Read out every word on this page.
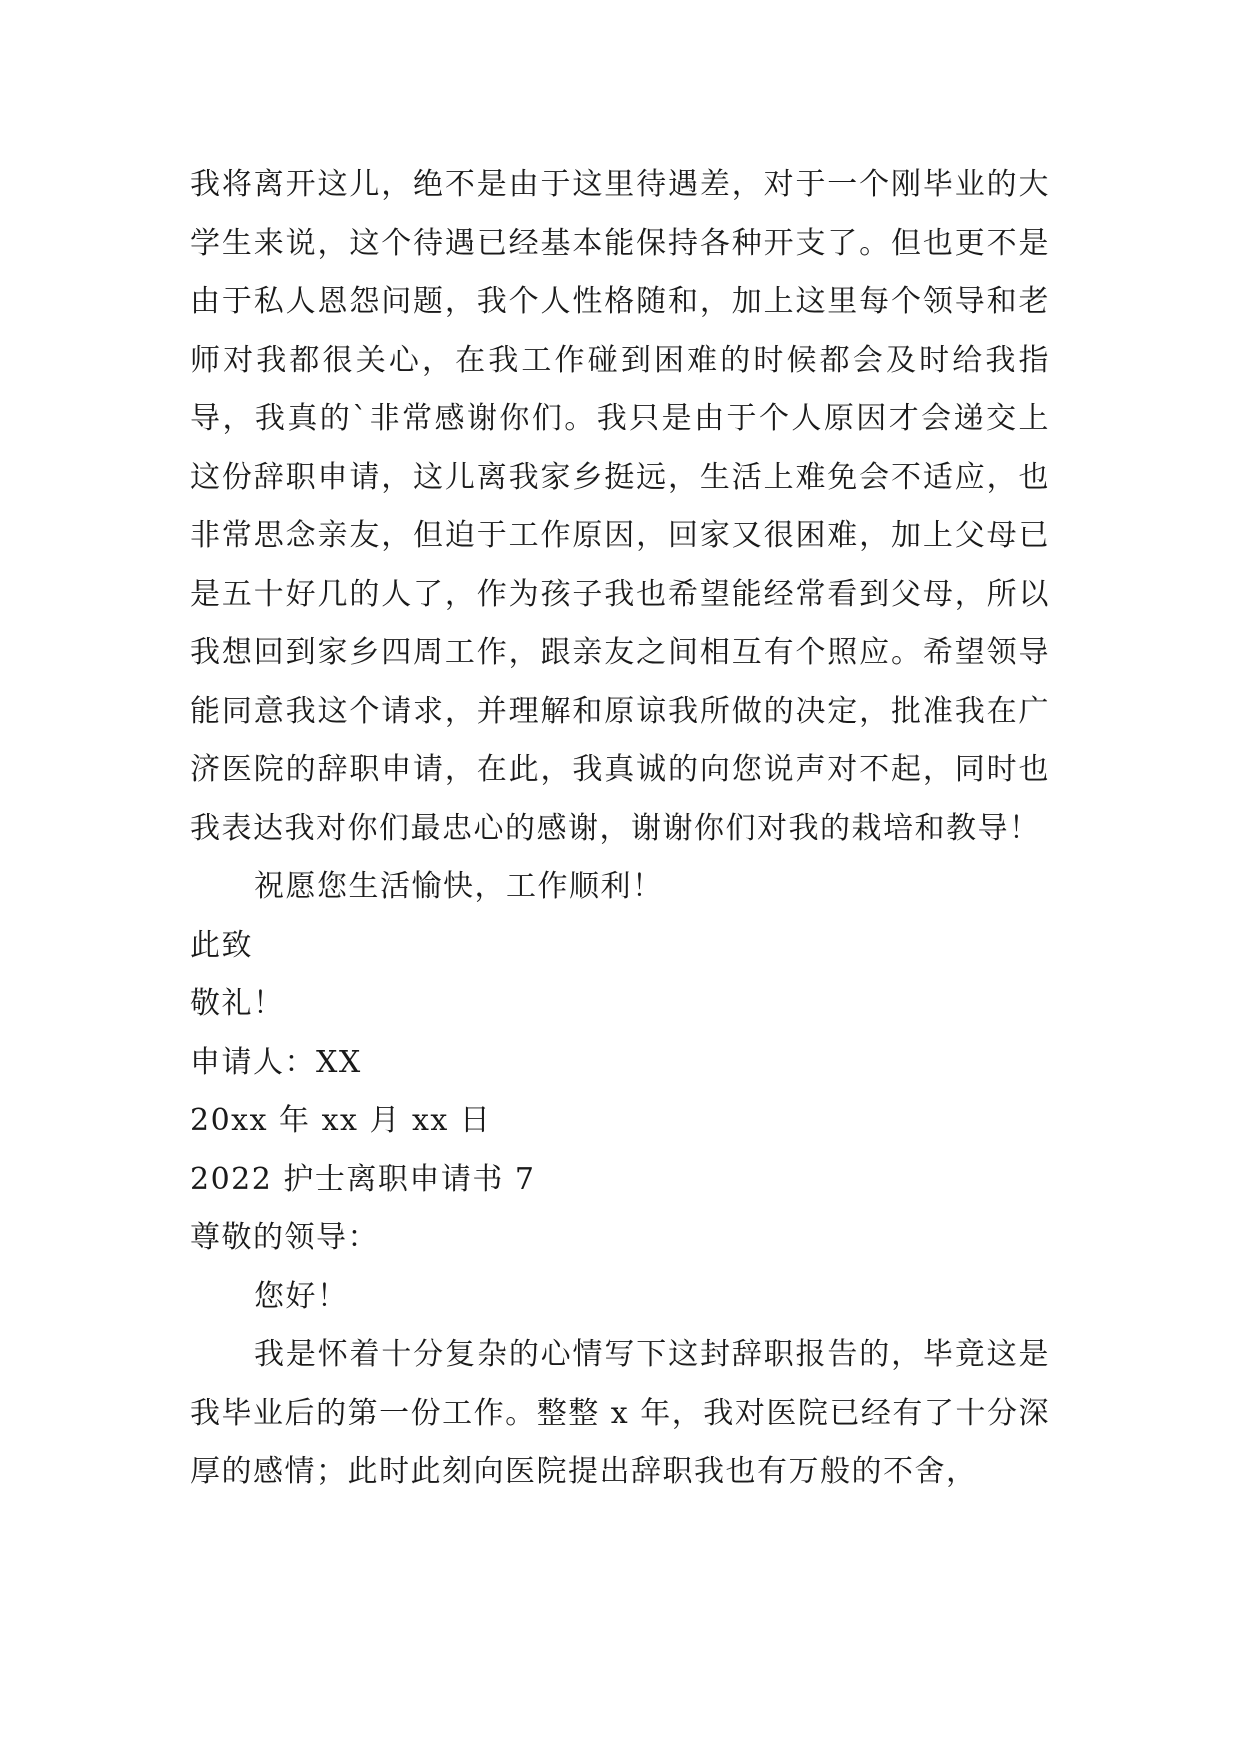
我将离开这儿，绝不是由于这里待遇差，对于一个刚毕业的大学生来说，这个待遇已经基本能保持各种开支了。但也更不是由于私人恩怨问题，我个人性格随和，加上这里每个领导和老师对我都很关心，在我工作碰到困难的时候都会及时给我指导，我真的`非常感谢你们。我只是由于个人原因才会递交上这份辞职申请，这儿离我家乡挺远，生活上难免会不适应，也非常思念亲友，但迫于工作原因，回家又很困难，加上父母已是五十好几的人了，作为孩子我也希望能经常看到父母，所以我想回到家乡四周工作，跟亲友之间相互有个照应。希望领导能同意我这个请求，并理解和原谅我所做的决定，批准我在广济医院的辞职申请，在此，我真诚的向您说声对不起，同时也我表达我对你们最忠心的感谢，谢谢你们对我的栽培和教导！

祝愿您生活愉快，工作顺利！

此致

敬礼！

申请人：XX

20xx 年 xx 月 xx 日

2022 护士离职申请书 7

尊敬的领导：

您好！

我是怀着十分复杂的心情写下这封辞职报告的，毕竟这是我毕业后的第一份工作。整整 x 年，我对医院已经有了十分深厚的感情；此时此刻向医院提出辞职我也有万般的不舍，
